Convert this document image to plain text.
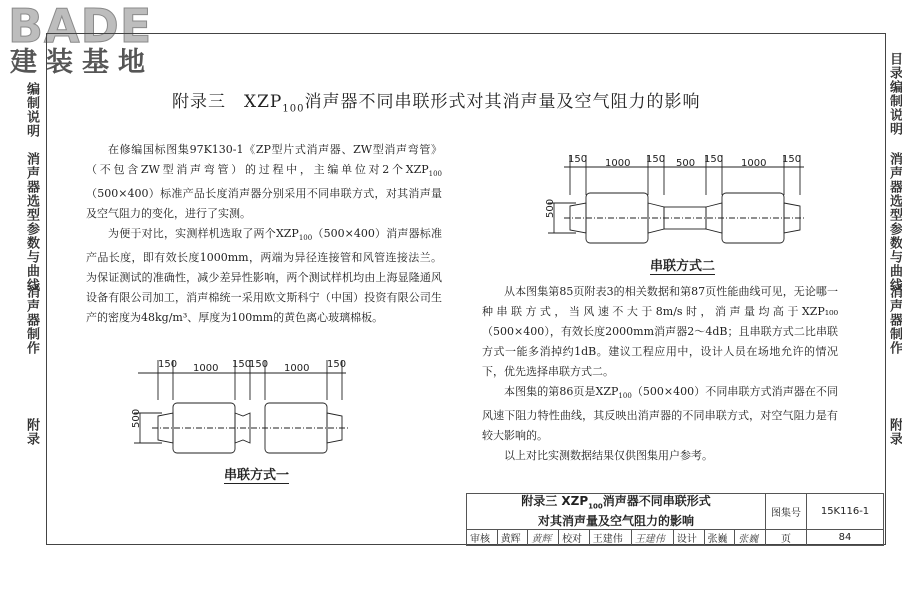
BADE
建装基地
编制说明
消声器选型参数与曲线
消声器制作
附录
目录编制说明
消声器选型参数与曲线
消声器制作
附录
附录三　$XZP_{100}$消声器不同串联形式对其消声量及空气阻力的影响

在修编国标图集97K130-1《ZP型片式消声器、ZW型消声弯管》（不包含ZW型消声弯管）的过程中，主编单位对2个$XZP_{100}(500\times 400)$标准产品长度消声器分别采用不同串联方式，对其消声量及空气阻力的变化，进行了实测。

为便于对比，实测样机选取了两个$XZP_{100}(500\times 400)$消声器标准产品长度，即有效长度1000mm，两端为异径连接管和风管连接法兰。为保证测试的准确性，减少差异性影响，两个测试样机均由上海显隆通风设备有限公司加工，消声棉统一采用欧文斯科宁（中国）投资有限公司生产的密度为48kg/m³、厚度为100mm的黄色离心玻璃棉板。

150 1000 150
150 1000 150
500
串联方式一
150 1000 150 500 150 1000 150
500
串联方式二

从本图集第85页附表3的相关数据和第87页性能曲线可见，无论哪一种串联方式，当风速不大于8m/s时，消声量均高于XZP₁₀₀（500×400），有效长度2000mm消声器2～4dB；且串联方式二比串联方式一能多消掉约1dB。建议工程应用中，设计人员在场地允许的情况下，优先选择串联方式二。

本图集的第86页是$XZP_{100}(500\times 400)$不同串联方式消声器在不同风速下阻力特性曲线，其反映出消声器的不同串联方式，对空气阻力是有较大影响的。

以上对比实测数据结果仅供图集用户参考。

附录三 $XZP_{100}$消声器不同串联形式
对其消声量及空气阻力的影响									图集号	15K116-1
审核	黄辉	黄辉	校对	王建伟	王建伟	设计	张巍	张巍	页	84
